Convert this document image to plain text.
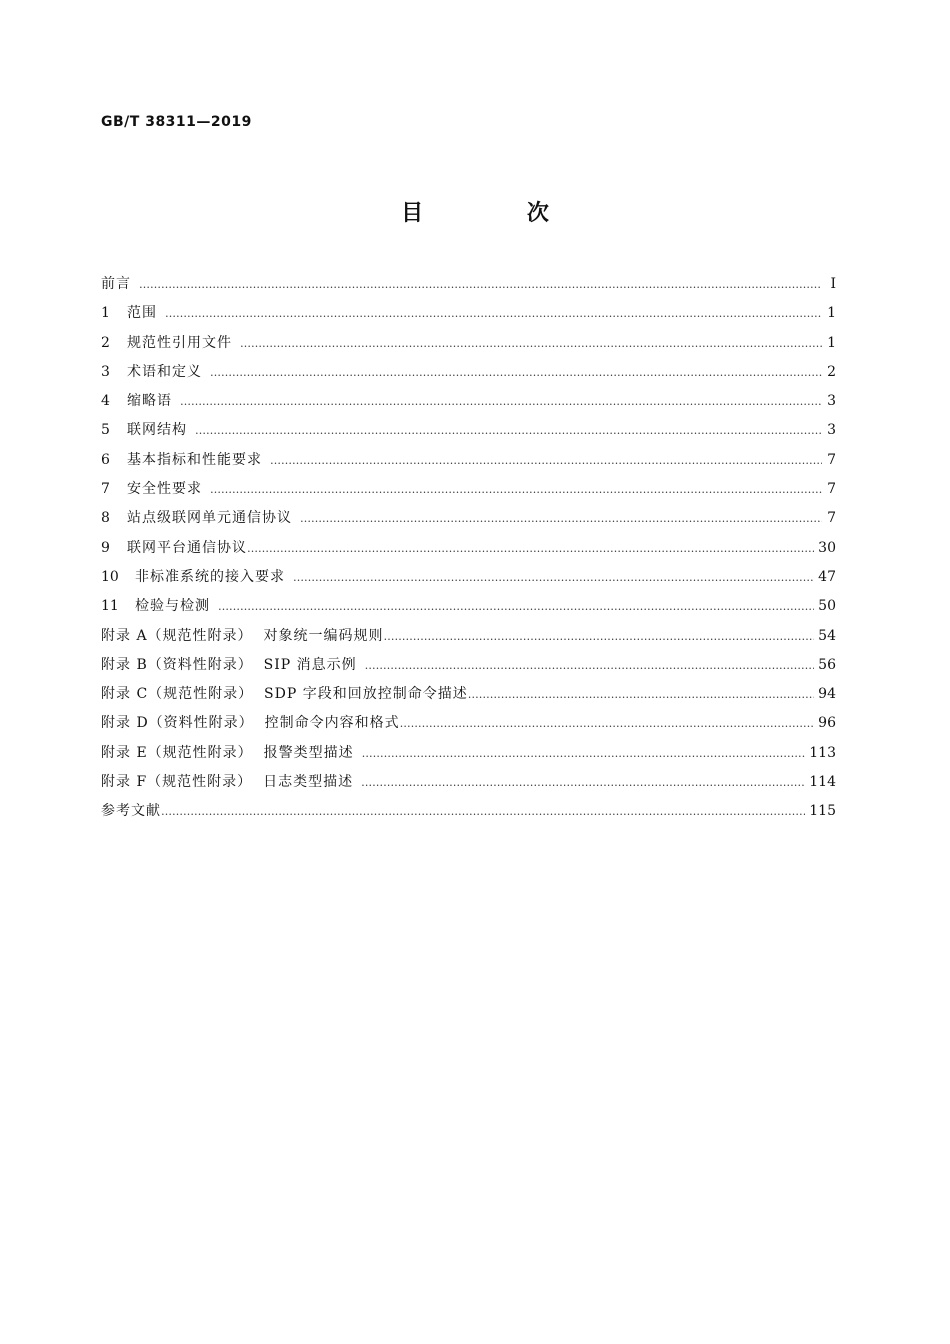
GB/T 38311—2019
目 次
前言 ……………………………………………………………………………………………………………………………………………………………………………………………………………………………………	Ⅰ
1	范围 ……………………………………………………………………………………………………………………………………………………………………………………………………………………………………	1
2	规范性引用文件 ……………………………………………………………………………………………………………………………………………………………………………………………………………………………………	1
3	术语和定义 ……………………………………………………………………………………………………………………………………………………………………………………………………………………………………	2
4	缩略语 ……………………………………………………………………………………………………………………………………………………………………………………………………………………………………	3
5	联网结构 ……………………………………………………………………………………………………………………………………………………………………………………………………………………………………	3
6	基本指标和性能要求 ……………………………………………………………………………………………………………………………………………………………………………………………………………………………………	7
7	安全性要求 ……………………………………………………………………………………………………………………………………………………………………………………………………………………………………	7
8	站点级联网单元通信协议 ……………………………………………………………………………………………………………………………………………………………………………………………………………………………………	7
9	联网平台通信协议 ……………………………………………………………………………………………………………………………………………………………………………………………………………………………………	30
10	非标准系统的接入要求 ……………………………………………………………………………………………………………………………………………………………………………………………………………………………………	47
11	检验与检测 ……………………………………………………………………………………………………………………………………………………………………………………………………………………………………	50
附录 A（规范性附录）  对象统一编码规则 ……………………………………………………………………………………………………………………………………………………………………………………………………………………………………	54
附录 B（资料性附录）  SIP 消息示例 ……………………………………………………………………………………………………………………………………………………………………………………………………………………………………	56
附录 C（规范性附录）  SDP 字段和回放控制命令描述 ……………………………………………………………………………………………………………………………………………………………………………………………………………………………………	94
附录 D（资料性附录）  控制命令内容和格式 ……………………………………………………………………………………………………………………………………………………………………………………………………………………………………	96
附录 E（规范性附录）  报警类型描述 ……………………………………………………………………………………………………………………………………………………………………………………………………………………………………	113
附录 F（规范性附录）  日志类型描述 ……………………………………………………………………………………………………………………………………………………………………………………………………………………………………	114
参考文献 ……………………………………………………………………………………………………………………………………………………………………………………………………………………………………	115
